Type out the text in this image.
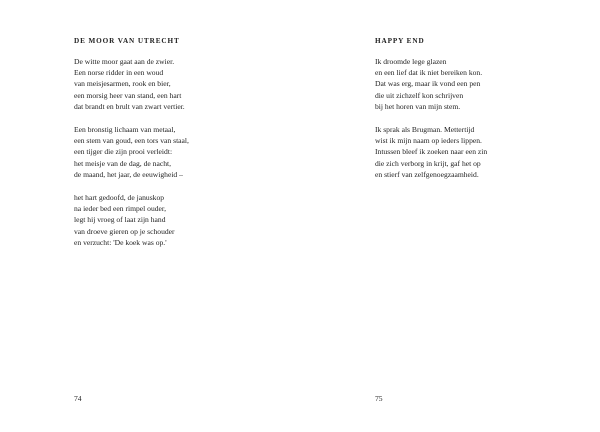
DE MOOR VAN UTRECHT
De witte moor gaat aan de zwier.
Een norse ridder in een woud
van meisjesarmen, rook en bier,
een morsig heer van stand, een hart
dat brandt en brult van zwart vertier.
Een bronstig lichaam van metaal,
een stem van goud, een tors van staal,
een tijger die zijn prooi verleidt:
het meisje van de dag, de nacht,
de maand, het jaar, de eeuwigheid –
het hart gedoofd, de januskop
na ieder bed een rimpel ouder,
legt hij vroeg of laat zijn hand
van droeve gieren op je schouder
en verzucht: 'De koek was op.'
74
HAPPY END
Ik droomde lege glazen
en een lief dat ik niet bereiken kon.
Dat was erg, maar ik vond een pen
die uit zichzelf kon schrijven
bij het horen van mijn stem.
Ik sprak als Brugman. Mettertijd
wist ik mijn naam op ieders lippen.
Intussen bleef ik zoeken naar een zin
die zich verborg in krijt, gaf het op
en stierf van zelfgenoegzaamheid.
75
